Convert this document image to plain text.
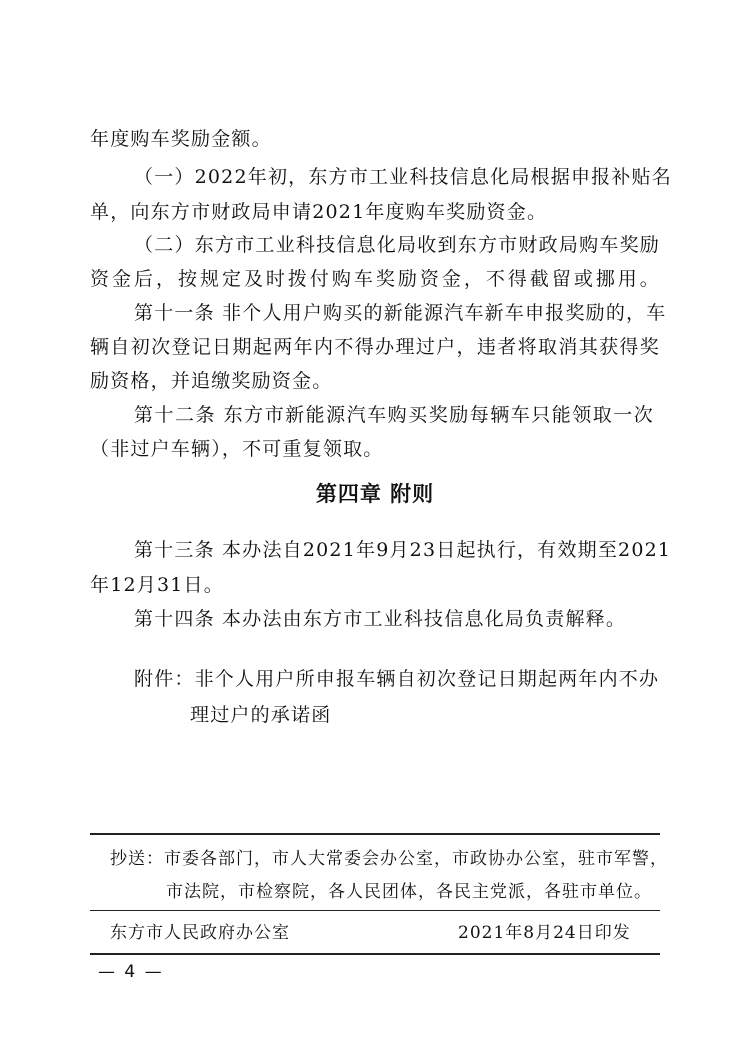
年度购车奖励金额。
（一）2022年初，东方市工业科技信息化局根据申报补贴名
单，向东方市财政局申请2021年度购车奖励资金。
（二）东方市工业科技信息化局收到东方市财政局购车奖励
资金后，按规定及时拨付购车奖励资金，不得截留或挪用。
第十一条 非个人用户购买的新能源汽车新车申报奖励的，车
辆自初次登记日期起两年内不得办理过户，违者将取消其获得奖
励资格，并追缴奖励资金。
第十二条 东方市新能源汽车购买奖励每辆车只能领取一次
（非过户车辆），不可重复领取。
第四章 附则
第十三条 本办法自2021年9月23日起执行，有效期至2021
年12月31日。
第十四条 本办法由东方市工业科技信息化局负责解释。
附件：非个人用户所申报车辆自初次登记日期起两年内不办
理过户的承诺函
抄送：市委各部门，市人大常委会办公室，市政协办公室，驻市军警，
市法院，市检察院，各人民团体，各民主党派，各驻市单位。
东方市人民政府办公室	2021年8月24日印发
— 4 —
